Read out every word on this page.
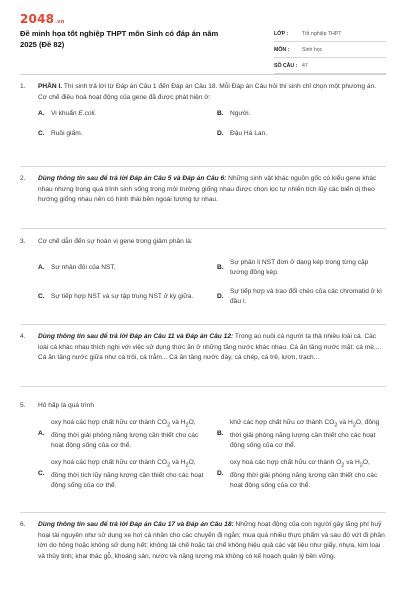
2048.vn
Đề minh họa tốt nghiệp THPT môn Sinh có đáp án năm 2025 (Đề 82)
LỚP :	Tốt nghiệp THPT
MÔN :	Sinh học
SỐ CÂU : 47
1.	PHẦN I. Thí sinh trả lời từ Đáp án Câu 1 đến Đáp án Câu 18. Mỗi Đáp án Câu hỏi thí sinh chỉ chọn một phương án.
Cơ chế điều hoà hoạt động của gene đã được phát hiện ở:
A. Vi khuẩn E.coli.	B. Người.
C. Ruồi giấm.	D. Đậu Hà Lan.
2.	Dùng thông tin sau để trả lời Đáp án Câu 5 và Đáp án Câu 6: Những sinh vật khác nguồn gốc có kiểu gene khác nhau nhưng trong quá trình sinh sống trong môi trường giống nhau được chọn lọc tự nhiên tích lũy các biến dị theo hướng giống nhau nên có hình thái bên ngoài tương tự nhau.
3.	Cơ chế dẫn đến sự hoán vị gene trong giảm phân là:
A. Sự nhân đôi của NST.	B.
Sự phân li NST đơn ở dạng kép trong từng cặp tương đồng kép.
C. Sự tiếp hợp NST và sự tập trung NST ở kỳ giữa.	D.
Sự tiếp hợp và trao đổi chéo của các chromatid ở kì đầu I.
4.	Dùng thông tin sau để trả lời Đáp án Câu 11 và Đáp án Câu 12: Trong ao nuôi cá người ta thả nhiều loài cá. Các loài cá khác nhau thích nghi với việc sử dụng thức ăn ở những tầng nước khác nhau. Cá ăn tầng nước mặt: cá mè,... Cá ăn tầng nước giữa như cá trôi, cá trắm... Cá ăn tầng nước đáy, cá chép, cá trê, lươn, trạch...
5.	Hô hấp là quá trình
A.
oxy hoá các hợp chất hữu cơ thành $CO_2$ và $H_2O$, đồng thời giải phóng năng lượng cần thiết cho các hoạt động sống của cơ thể.
B.
khử các hợp chất hữu cơ thành $CO_2$ và $H_2O$, đồng thời giải phóng năng lượng cần thiết cho các hoạt động sống của cơ thể.
C.
oxy hoá các hợp chất hữu cơ thành $CO_2$ và $H_2O$, đồng thời tích lũy năng lượng cần thiết cho các hoạt động sống của cơ thể.
D.
oxy hoá các hợp chất hữu cơ thành $O_2$ và $H_2O$, đồng thời giải phóng năng lượng cần thiết cho các hoạt động sống của cơ thể.
6.	Dùng thông tin sau để trả lời Đáp án Câu 17 và Đáp án Câu 18: Những hoạt động của con người gây lãng phí huỷ hoại tài nguyên như sử dụng xe hơi cá nhân cho các chuyến đi ngắn; mua quá nhiều thực phẩm và sau đó vứt đi phần lớn do hỏng hoặc không sử dụng hết; không tái chế hoặc tái chế không hiệu quả các vật liệu như giấy, nhựa, kim loại và thủy tinh; khai thác gỗ, khoáng sản, nước và năng lượng mà không có kế hoạch quản lý bền vững.
